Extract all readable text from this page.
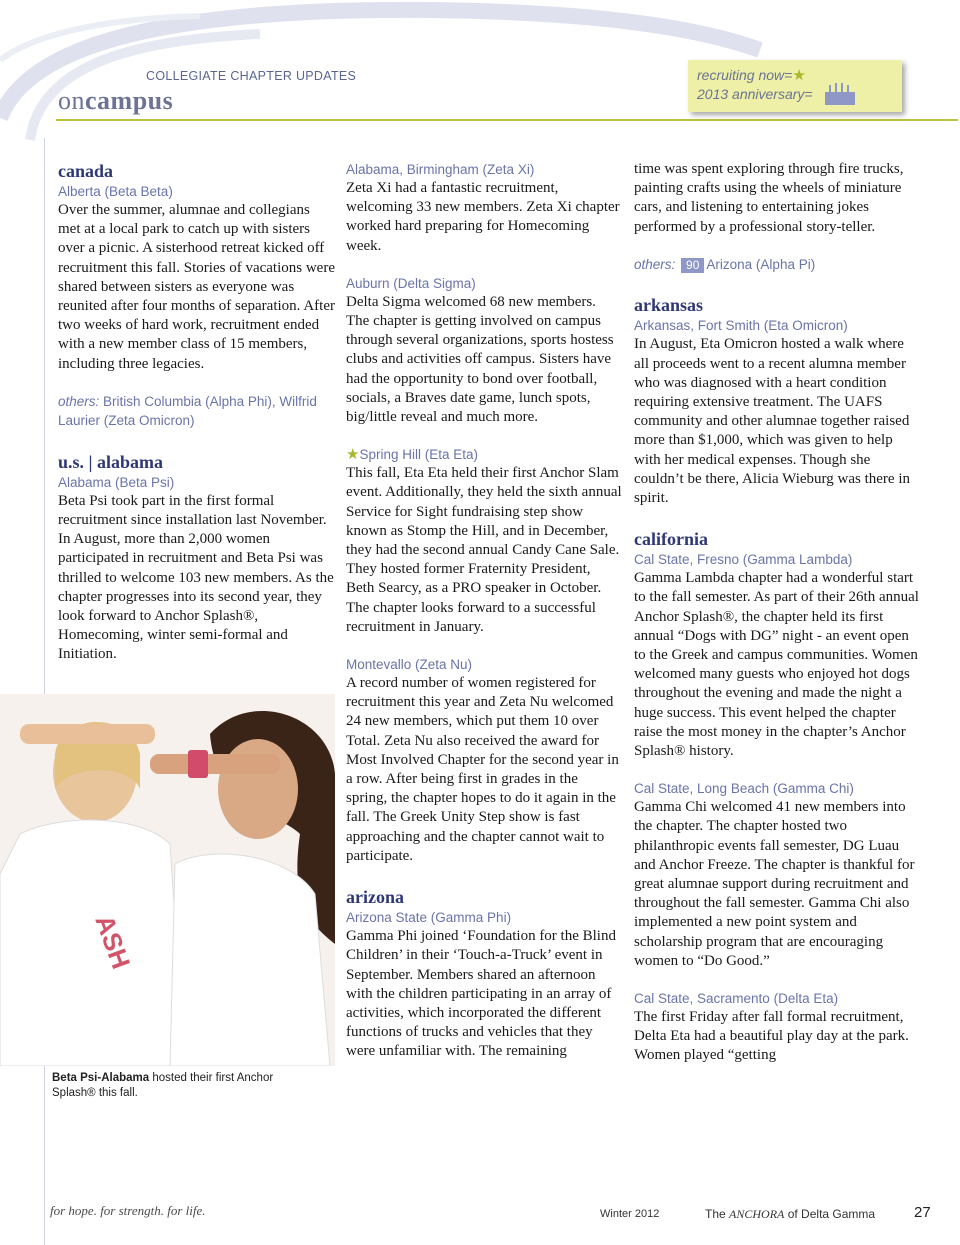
COLLEGIATE CHAPTER UPDATES
oncampus
recruiting now=★
2013 anniversary=
canada
Alberta (Beta Beta)

Over the summer, alumnae and collegians met at a local park to catch up with sisters over a picnic. A sisterhood retreat kicked off recruitment this fall. Stories of vacations were shared between sisters as everyone was reunited after four months of separation. After two weeks of hard work, recruitment ended with a new member class of 15 members, including three legacies.

others: British Columbia (Alpha Phi), Wilfrid Laurier (Zeta Omicron)
u.s. | alabama
Alabama (Beta Psi)

Beta Psi took part in the first formal recruitment since installation last November. In August, more than 2,000 women participated in recruitment and Beta Psi was thrilled to welcome 103 new members. As the chapter progresses into its second year, they look forward to Anchor Splash®, Homecoming, winter semi-formal and Initiation.

ASH
Beta Psi-Alabama hosted their first Anchor Splash® this fall.
Alabama, Birmingham (Zeta Xi)

Zeta Xi had a fantastic recruitment, welcoming 33 new members. Zeta Xi chapter worked hard preparing for Homecoming week.

Auburn (Delta Sigma)

Delta Sigma welcomed 68 new members. The chapter is getting involved on campus through several organizations, sports hostess clubs and activities off campus. Sisters have had the opportunity to bond over football, socials, a Braves date game, lunch spots, big/little reveal and much more.

★Spring Hill (Eta Eta)

This fall, Eta Eta held their first Anchor Slam event. Additionally, they held the sixth annual Service for Sight fundraising step show known as Stomp the Hill, and in December, they had the second annual Candy Cane Sale. They hosted former Fraternity President, Beth Searcy, as a PRO speaker in October. The chapter looks forward to a successful recruitment in January.

Montevallo (Zeta Nu)

A record number of women registered for recruitment this year and Zeta Nu welcomed 24 new members, which put them 10 over Total. Zeta Nu also received the award for Most Involved Chapter for the second year in a row. After being first in grades in the spring, the chapter hopes to do it again in the fall. The Greek Unity Step show is fast approaching and the chapter cannot wait to participate.

arizona
Arizona State (Gamma Phi)

Gamma Phi joined ‘Foundation for the Blind Children’ in their ‘Touch-a-Truck’ event in September. Members shared an afternoon with the children participating in an array of activities, which incorporated the different functions of trucks and vehicles that they were unfamiliar with. The remaining

time was spent exploring through fire trucks, painting crafts using the wheels of miniature cars, and listening to entertaining jokes performed by a professional story-teller.

others: 90 Arizona (Alpha Pi)
arkansas
Arkansas, Fort Smith (Eta Omicron)

In August, Eta Omicron hosted a walk where all proceeds went to a recent alumna member who was diagnosed with a heart condition requiring extensive treatment. The UAFS community and other alumnae together raised more than $1,000, which was given to help with her medical expenses. Though she couldn’t be there, Alicia Wieburg was there in spirit.

california
Cal State, Fresno (Gamma Lambda)

Gamma Lambda chapter had a wonderful start to the fall semester. As part of their 26th annual Anchor Splash®, the chapter held its first annual “Dogs with DG” night - an event open to the Greek and campus communities. Women welcomed many guests who enjoyed hot dogs throughout the evening and made the night a huge success. This event helped the chapter raise the most money in the chapter’s Anchor Splash® history.

Cal State, Long Beach (Gamma Chi)

Gamma Chi welcomed 41 new members into the chapter. The chapter hosted two philanthropic events fall semester, DG Luau and Anchor Freeze. The chapter is thankful for great alumnae support during recruitment and throughout the fall semester. Gamma Chi also implemented a new point system and scholarship program that are encouraging women to “Do Good.”

Cal State, Sacramento (Delta Eta)

The first Friday after fall formal recruitment, Delta Eta had a beautiful play day at the park. Women played “getting

for hope. for strength. for life.	Winter 2012	The ANCHORA of Delta Gamma	27
